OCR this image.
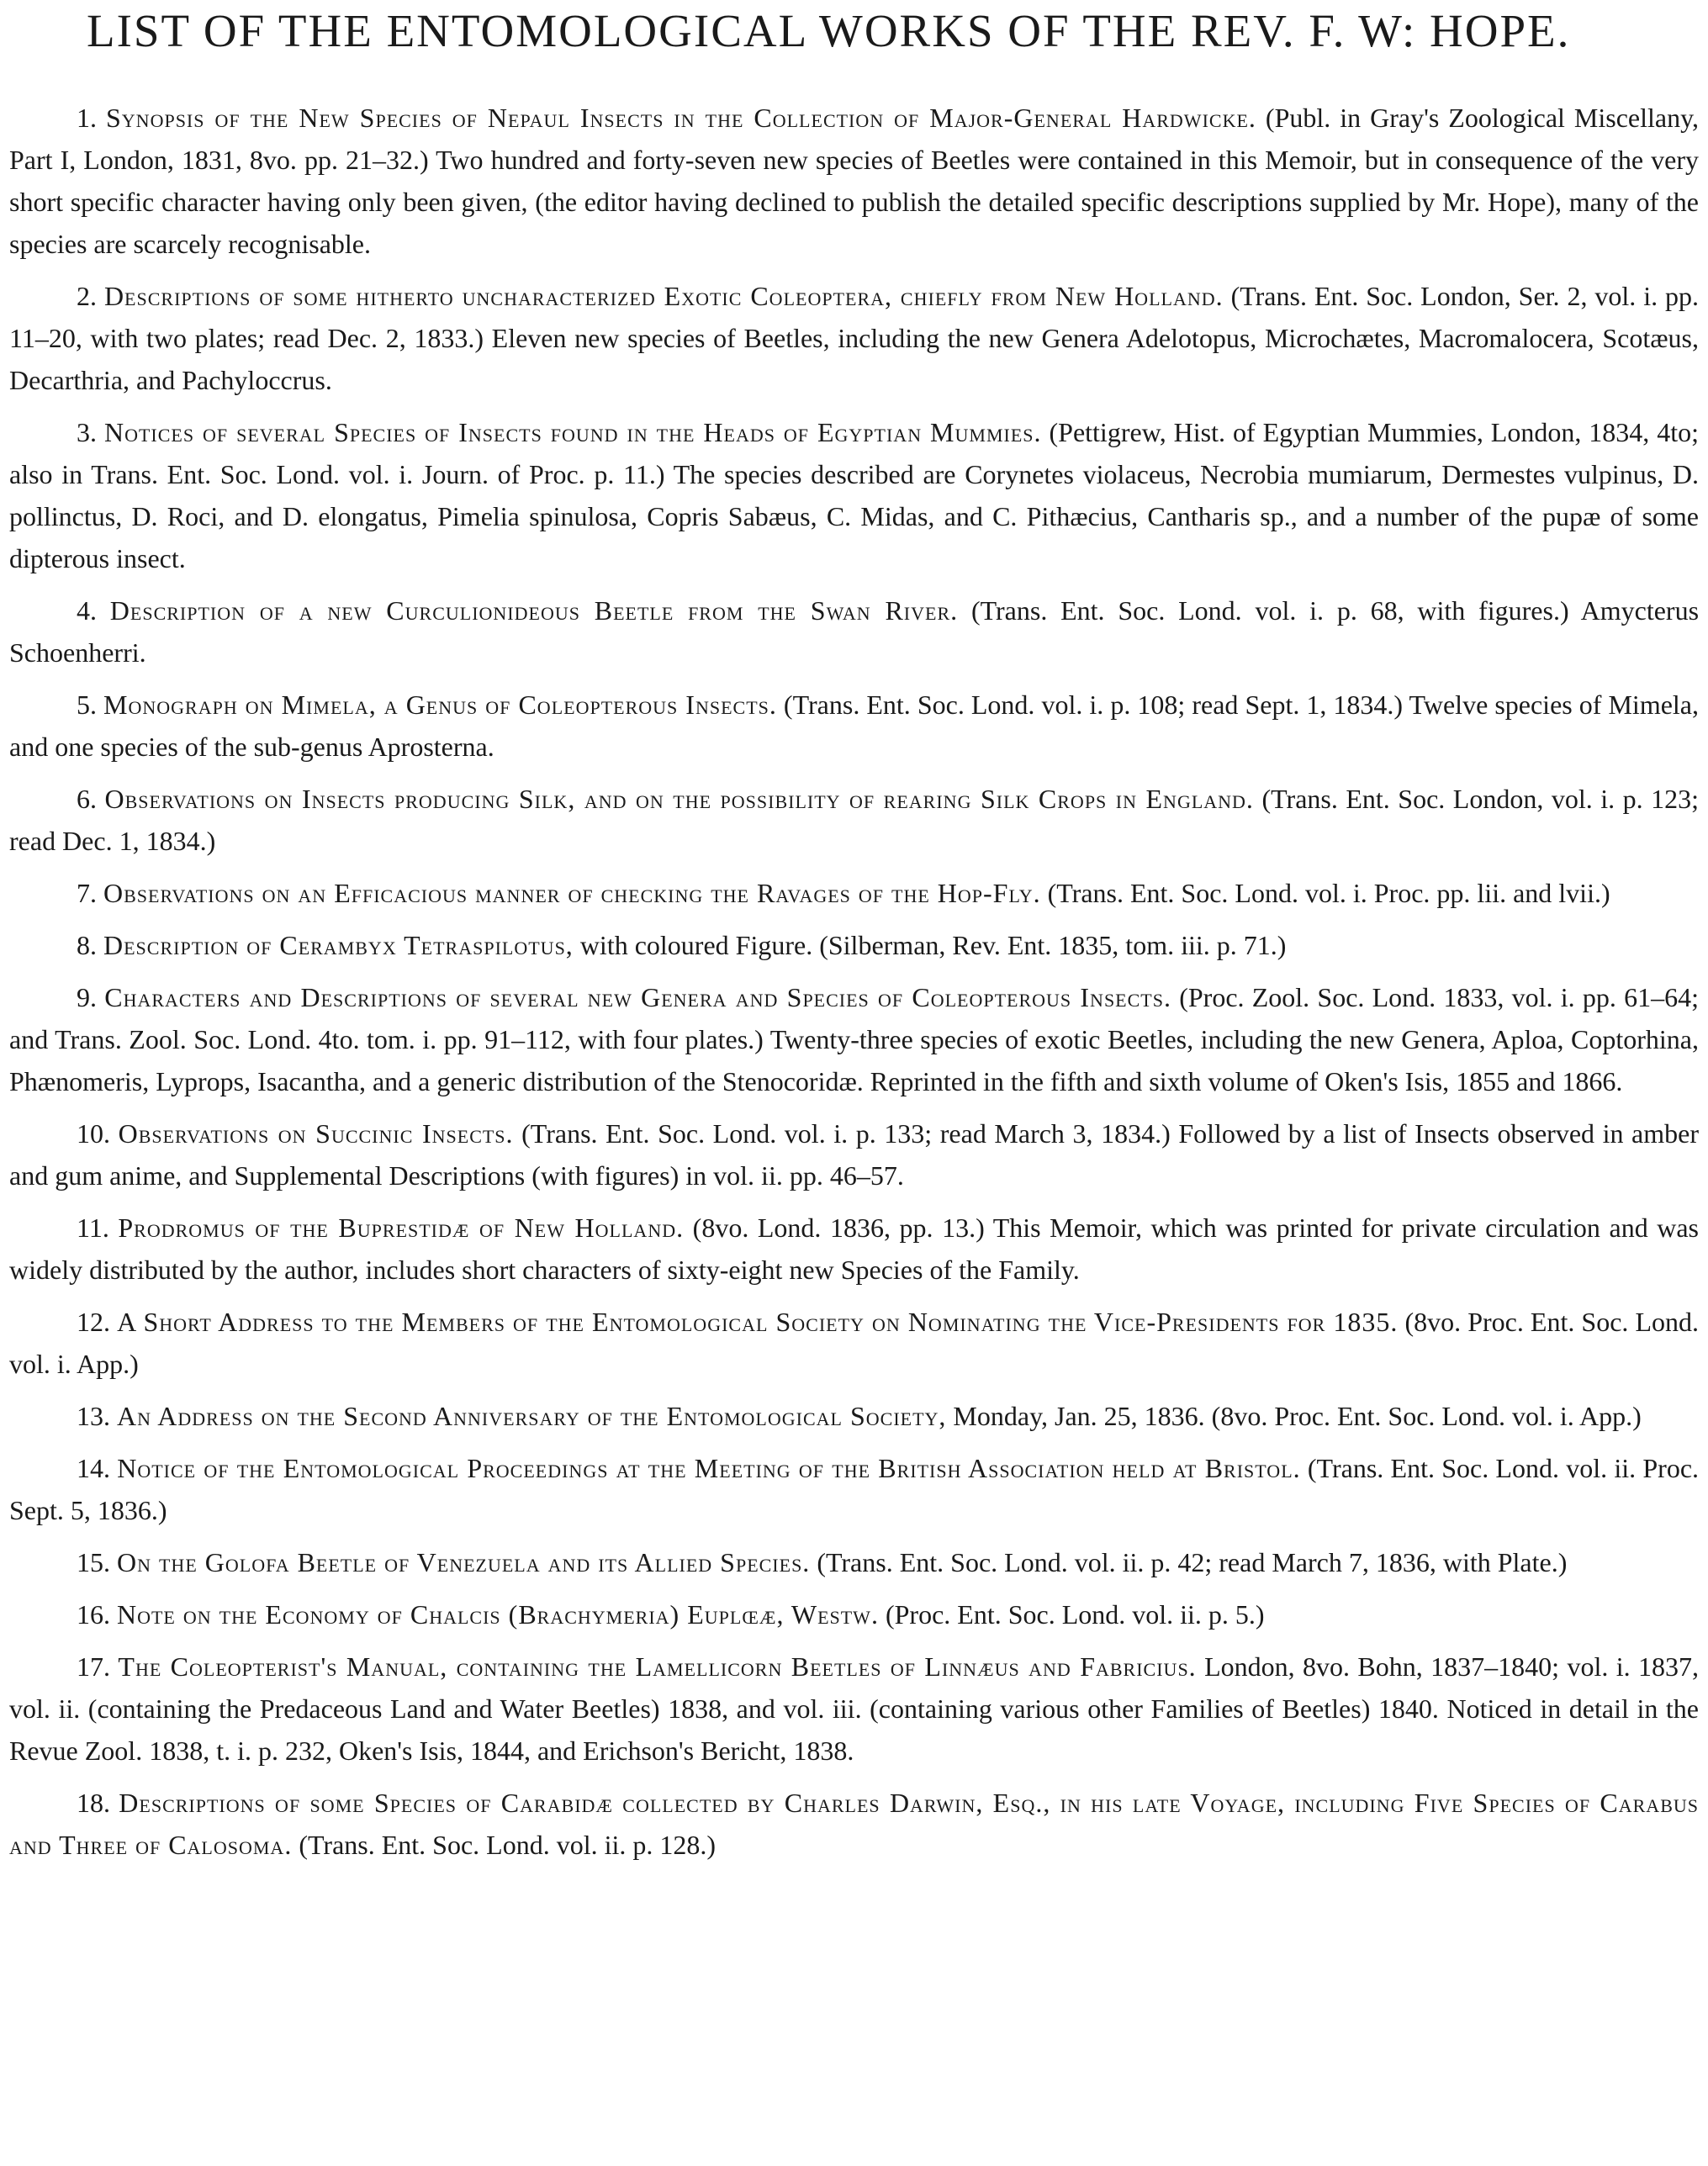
LIST OF THE ENTOMOLOGICAL WORKS OF THE REV. F. W: HOPE.

1. Synopsis of the New Species of Nepaul Insects in the Collection of Major-General Hardwicke. (Publ. in Gray's Zoological Miscellany, Part I, London, 1831, 8vo. pp. 21–32.) Two hundred and forty-seven new species of Beetles were contained in this Memoir, but in consequence of the very short specific character having only been given, (the editor having declined to publish the detailed specific descriptions supplied by Mr. Hope), many of the species are scarcely recognisable.

2. Descriptions of some hitherto uncharacterized Exotic Coleoptera, chiefly from New Holland. (Trans. Ent. Soc. London, Ser. 2, vol. i. pp. 11–20, with two plates; read Dec. 2, 1833.) Eleven new species of Beetles, including the new Genera Adelotopus, Microchætes, Macromalocera, Scotæus, Decarthria, and Pachyloccrus.

3. Notices of several Species of Insects found in the Heads of Egyptian Mummies. (Pettigrew, Hist. of Egyptian Mummies, London, 1834, 4to; also in Trans. Ent. Soc. Lond. vol. i. Journ. of Proc. p. 11.) The species described are Corynetes violaceus, Necrobia mumiarum, Dermestes vulpinus, D. pollinctus, D. Roci, and D. elongatus, Pimelia spinulosa, Copris Sabæus, C. Midas, and C. Pithæcius, Cantharis sp., and a number of the pupæ of some dipterous insect.

4. Description of a new Curculionideous Beetle from the Swan River. (Trans. Ent. Soc. Lond. vol. i. p. 68, with figures.) Amycterus Schoenherri.

5. Monograph on Mimela, a Genus of Coleopterous Insects. (Trans. Ent. Soc. Lond. vol. i. p. 108; read Sept. 1, 1834.) Twelve species of Mimela, and one species of the sub-genus Aprosterna.

6. Observations on Insects producing Silk, and on the possibility of rearing Silk Crops in England. (Trans. Ent. Soc. London, vol. i. p. 123; read Dec. 1, 1834.)

7. Observations on an Efficacious manner of checking the Ravages of the Hop-Fly. (Trans. Ent. Soc. Lond. vol. i. Proc. pp. lii. and lvii.)

8. Description of Cerambyx Tetraspilotus, with coloured Figure. (Silberman, Rev. Ent. 1835, tom. iii. p. 71.)

9. Characters and Descriptions of several new Genera and Species of Coleopterous Insects. (Proc. Zool. Soc. Lond. 1833, vol. i. pp. 61–64; and Trans. Zool. Soc. Lond. 4to. tom. i. pp. 91–112, with four plates.) Twenty-three species of exotic Beetles, including the new Genera, Aploa, Coptorhina, Phænomeris, Lyprops, Isacantha, and a generic distribution of the Stenocoridæ. Reprinted in the fifth and sixth volume of Oken's Isis, 1855 and 1866.

10. Observations on Succinic Insects. (Trans. Ent. Soc. Lond. vol. i. p. 133; read March 3, 1834.) Followed by a list of Insects observed in amber and gum anime, and Supplemental Descriptions (with figures) in vol. ii. pp. 46–57.

11. Prodromus of the Buprestidæ of New Holland. (8vo. Lond. 1836, pp. 13.) This Memoir, which was printed for private circulation and was widely distributed by the author, includes short characters of sixty-eight new Species of the Family.

12. A Short Address to the Members of the Entomological Society on Nominating the Vice-Presidents for 1835. (8vo. Proc. Ent. Soc. Lond. vol. i. App.)

13. An Address on the Second Anniversary of the Entomological Society, Monday, Jan. 25, 1836. (8vo. Proc. Ent. Soc. Lond. vol. i. App.)

14. Notice of the Entomological Proceedings at the Meeting of the British Association held at Bristol. (Trans. Ent. Soc. Lond. vol. ii. Proc. Sept. 5, 1836.)

15. On the Golofa Beetle of Venezuela and its Allied Species. (Trans. Ent. Soc. Lond. vol. ii. p. 42; read March 7, 1836, with Plate.)

16. Note on the Economy of Chalcis (Brachymeria) Euplœæ, Westw. (Proc. Ent. Soc. Lond. vol. ii. p. 5.)

17. The Coleopterist's Manual, containing the Lamellicorn Beetles of Linnæus and Fabricius. London, 8vo. Bohn, 1837–1840; vol. i. 1837, vol. ii. (containing the Predaceous Land and Water Beetles) 1838, and vol. iii. (containing various other Families of Beetles) 1840. Noticed in detail in the Revue Zool. 1838, t. i. p. 232, Oken's Isis, 1844, and Erichson's Bericht, 1838.

18. Descriptions of some Species of Carabidæ collected by Charles Darwin, Esq., in his late Voyage, including Five Species of Carabus and Three of Calosoma. (Trans. Ent. Soc. Lond. vol. ii. p. 128.)
